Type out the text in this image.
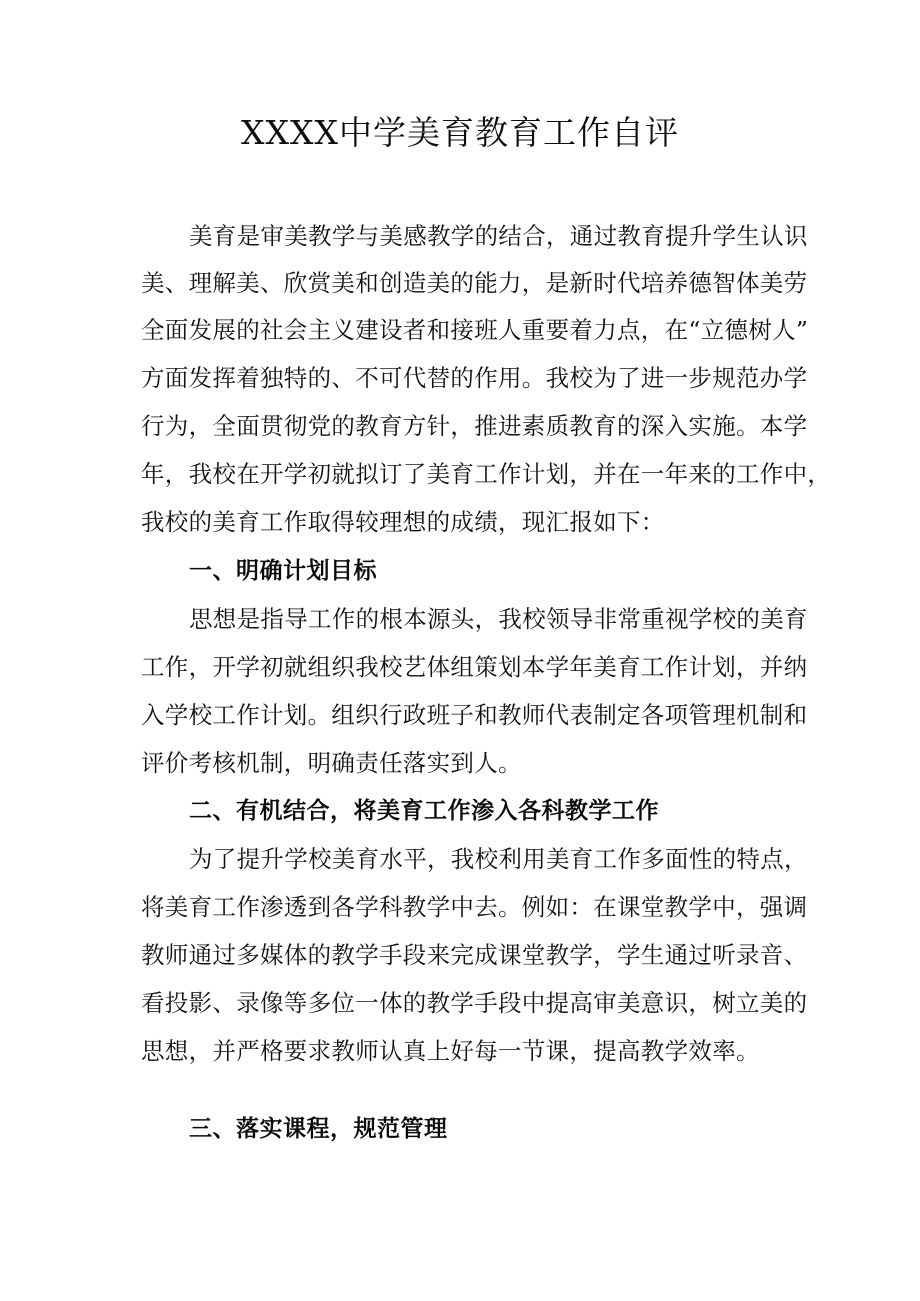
XXXX中学美育教育工作自评
美育是审美教学与美感教学的结合，通过教育提升学生认识
美、理解美、欣赏美和创造美的能力，是新时代培养德智体美劳
全面发展的社会主义建设者和接班人重要着力点，在“立德树人”
方面发挥着独特的、不可代替的作用。我校为了进一步规范办学
行为，全面贯彻党的教育方针，推进素质教育的深入实施。本学
年，我校在开学初就拟订了美育工作计划，并在一年来的工作中，
我校的美育工作取得较理想的成绩，现汇报如下：
一、明确计划目标
思想是指导工作的根本源头，我校领导非常重视学校的美育
工作，开学初就组织我校艺体组策划本学年美育工作计划，并纳
入学校工作计划。组织行政班子和教师代表制定各项管理机制和
评价考核机制，明确责任落实到人。
二、有机结合，将美育工作渗入各科教学工作
为了提升学校美育水平，我校利用美育工作多面性的特点，
将美育工作渗透到各学科教学中去。例如：在课堂教学中，强调
教师通过多媒体的教学手段来完成课堂教学，学生通过听录音、
看投影、录像等多位一体的教学手段中提高审美意识，树立美的
思想，并严格要求教师认真上好每一节课，提高教学效率。
三、落实课程，规范管理
